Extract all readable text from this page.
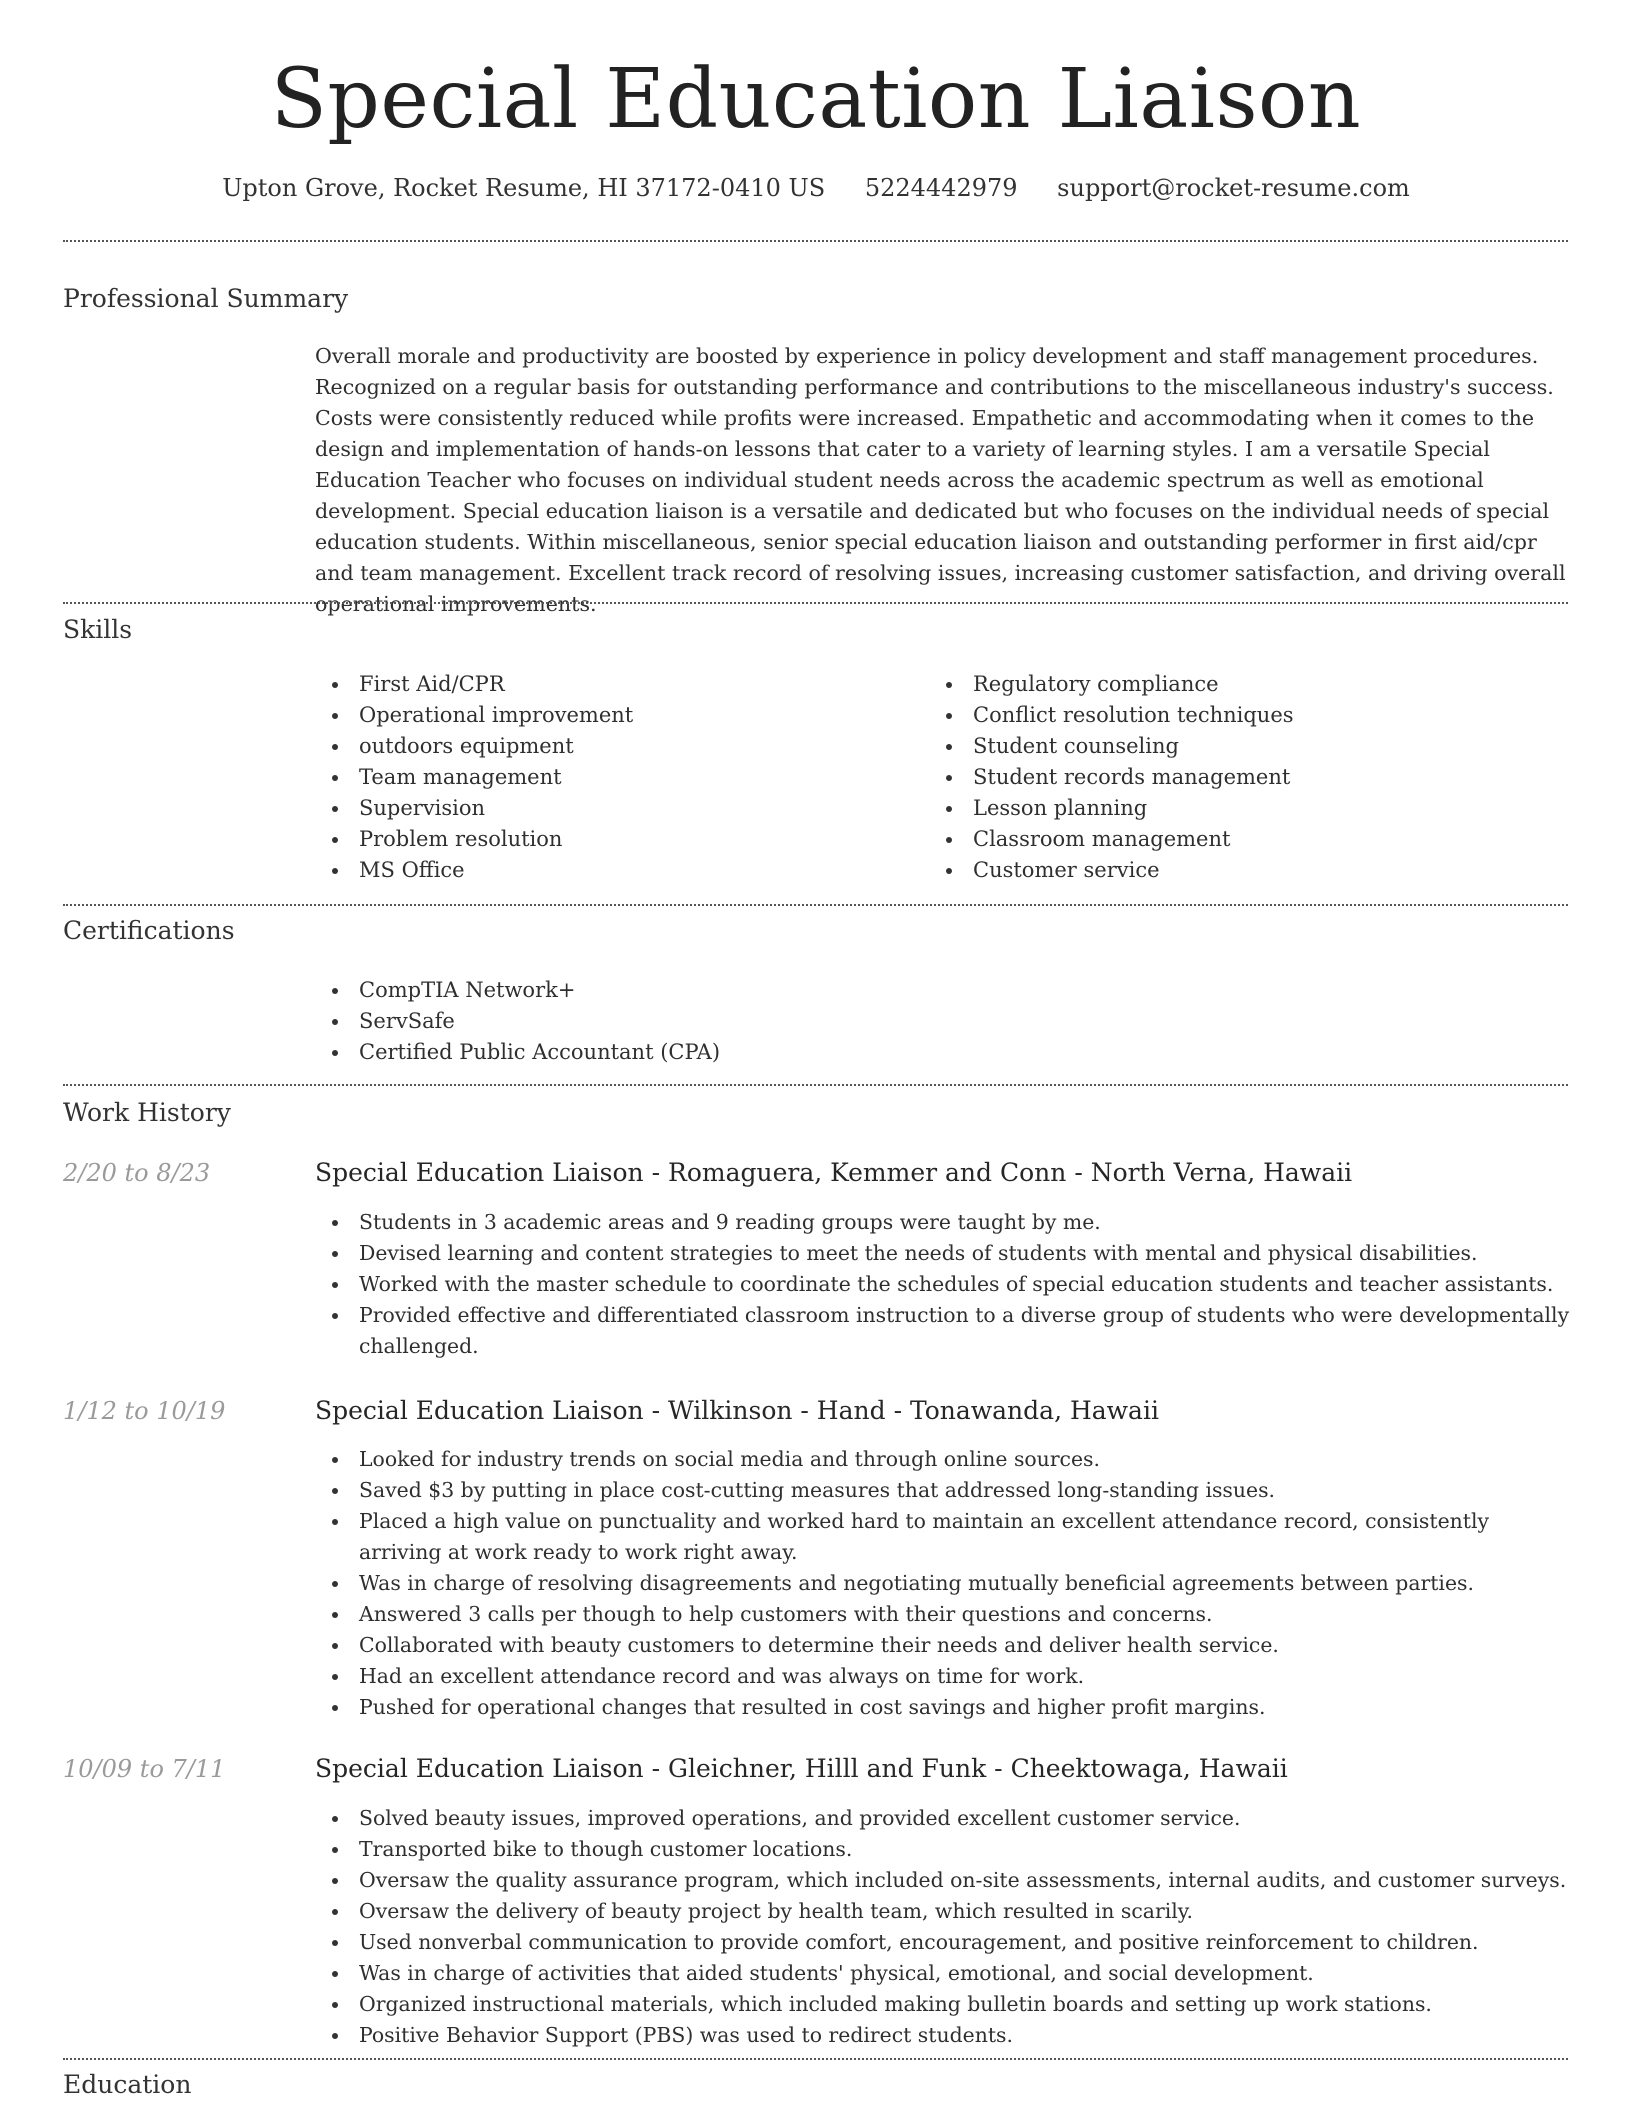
Special Education Liaison
Upton Grove, Rocket Resume, HI 37172-0410 US 5224442979 support@rocket-resume.com
Professional Summary
Overall morale and productivity are boosted by experience in policy development and staff management procedures. Recognized on a regular basis for outstanding performance and contributions to the miscellaneous industry's success. Costs were consistently reduced while profits were increased. Empathetic and accommodating when it comes to the design and implementation of hands-on lessons that cater to a variety of learning styles. I am a versatile Special Education Teacher who focuses on individual student needs across the academic spectrum as well as emotional development. Special education liaison is a versatile and dedicated but who focuses on the individual needs of special education students. Within miscellaneous, senior special education liaison and outstanding performer in first aid/cpr and team management. Excellent track record of resolving issues, increasing customer satisfaction, and driving overall operational improvements.
Skills
First Aid/CPR
Operational improvement
outdoors equipment
Team management
Supervision
Problem resolution
MS Office
Regulatory compliance
Conflict resolution techniques
Student counseling
Student records management
Lesson planning
Classroom management
Customer service
Certifications
CompTIA Network+
ServSafe
Certified Public Accountant (CPA)
Work History
2/20 to 8/23	Special Education Liaison - Romaguera, Kemmer and Conn - North Verna, Hawaii
Students in 3 academic areas and 9 reading groups were taught by me.
Devised learning and content strategies to meet the needs of students with mental and physical disabilities.
Worked with the master schedule to coordinate the schedules of special education students and teacher assistants.
Provided effective and differentiated classroom instruction to a diverse group of students who were developmentally challenged.
1/12 to 10/19	Special Education Liaison - Wilkinson - Hand - Tonawanda, Hawaii
Looked for industry trends on social media and through online sources.
Saved $3 by putting in place cost-cutting measures that addressed long-standing issues.
Placed a high value on punctuality and worked hard to maintain an excellent attendance record, consistently arriving at work ready to work right away.
Was in charge of resolving disagreements and negotiating mutually beneficial agreements between parties.
Answered 3 calls per though to help customers with their questions and concerns.
Collaborated with beauty customers to determine their needs and deliver health service.
Had an excellent attendance record and was always on time for work.
Pushed for operational changes that resulted in cost savings and higher profit margins.
10/09 to 7/11	Special Education Liaison - Gleichner, Hilll and Funk - Cheektowaga, Hawaii
Solved beauty issues, improved operations, and provided excellent customer service.
Transported bike to though customer locations.
Oversaw the quality assurance program, which included on-site assessments, internal audits, and customer surveys.
Oversaw the delivery of beauty project by health team, which resulted in scarily.
Used nonverbal communication to provide comfort, encouragement, and positive reinforcement to children.
Was in charge of activities that aided students' physical, emotional, and social development.
Organized instructional materials, which included making bulletin boards and setting up work stations.
Positive Behavior Support (PBS) was used to redirect students.
Education
